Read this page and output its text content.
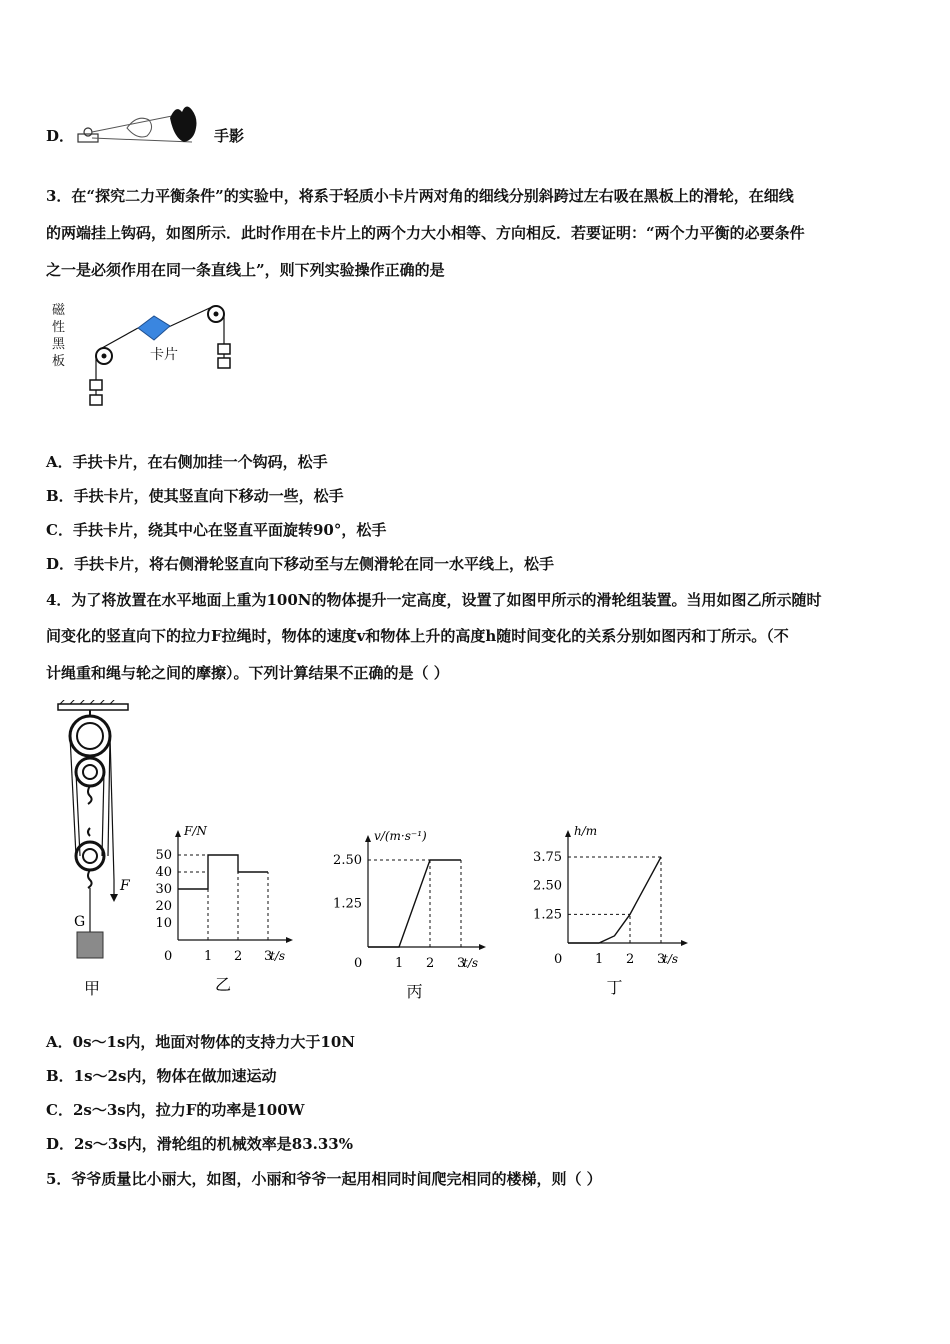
D．	手影
3．在“探究二力平衡条件”的实验中，将系于轻质小卡片两对角的细线分别斜跨过左右吸在黑板上的滑轮，在细线
的两端挂上钩码，如图所示．此时作用在卡片上的两个力大小相等、方向相反．若要证明：“两个力平衡的必要条件
之一是必须作用在同一条直线上”，则下列实验操作正确的是
磁
性
黑
板	卡片
A．手扶卡片，在右侧加挂一个钩码，松手
B．手扶卡片，使其竖直向下移动一些，松手
C．手扶卡片，绕其中心在竖直平面旋转90°，松手
D．手扶卡片，将右侧滑轮竖直向下移动至与左侧滑轮在同一水平线上，松手
4．为了将放置在水平地面上重为100N的物体提升一定高度，设置了如图甲所示的滑轮组装置。当用如图乙所示随时
间变化的竖直向下的拉力F拉绳时，物体的速度v和物体上升的高度h随时间变化的关系分别如图丙和丁所示。（不
计绳重和绳与轮之间的摩擦）。下列计算结果不正确的是（ ）
F
G
甲
F/N
t/s
0 1 2 3
10
20
30
40
50
乙
v/(m·s⁻¹)
t/s
0	1 2 3
1.25
2.50
丙
h/m
t/s
0	1 2 3
1.25
2.50
3.75
丁
A．0s～1s内，地面对物体的支持力大于10N
B．1s～2s内，物体在做加速运动
C．2s～3s内，拉力F的功率是100W
D．2s～3s内，滑轮组的机械效率是83.33%
5．爷爷质量比小丽大，如图，小丽和爷爷一起用相同时间爬完相同的楼梯，则（ ）
